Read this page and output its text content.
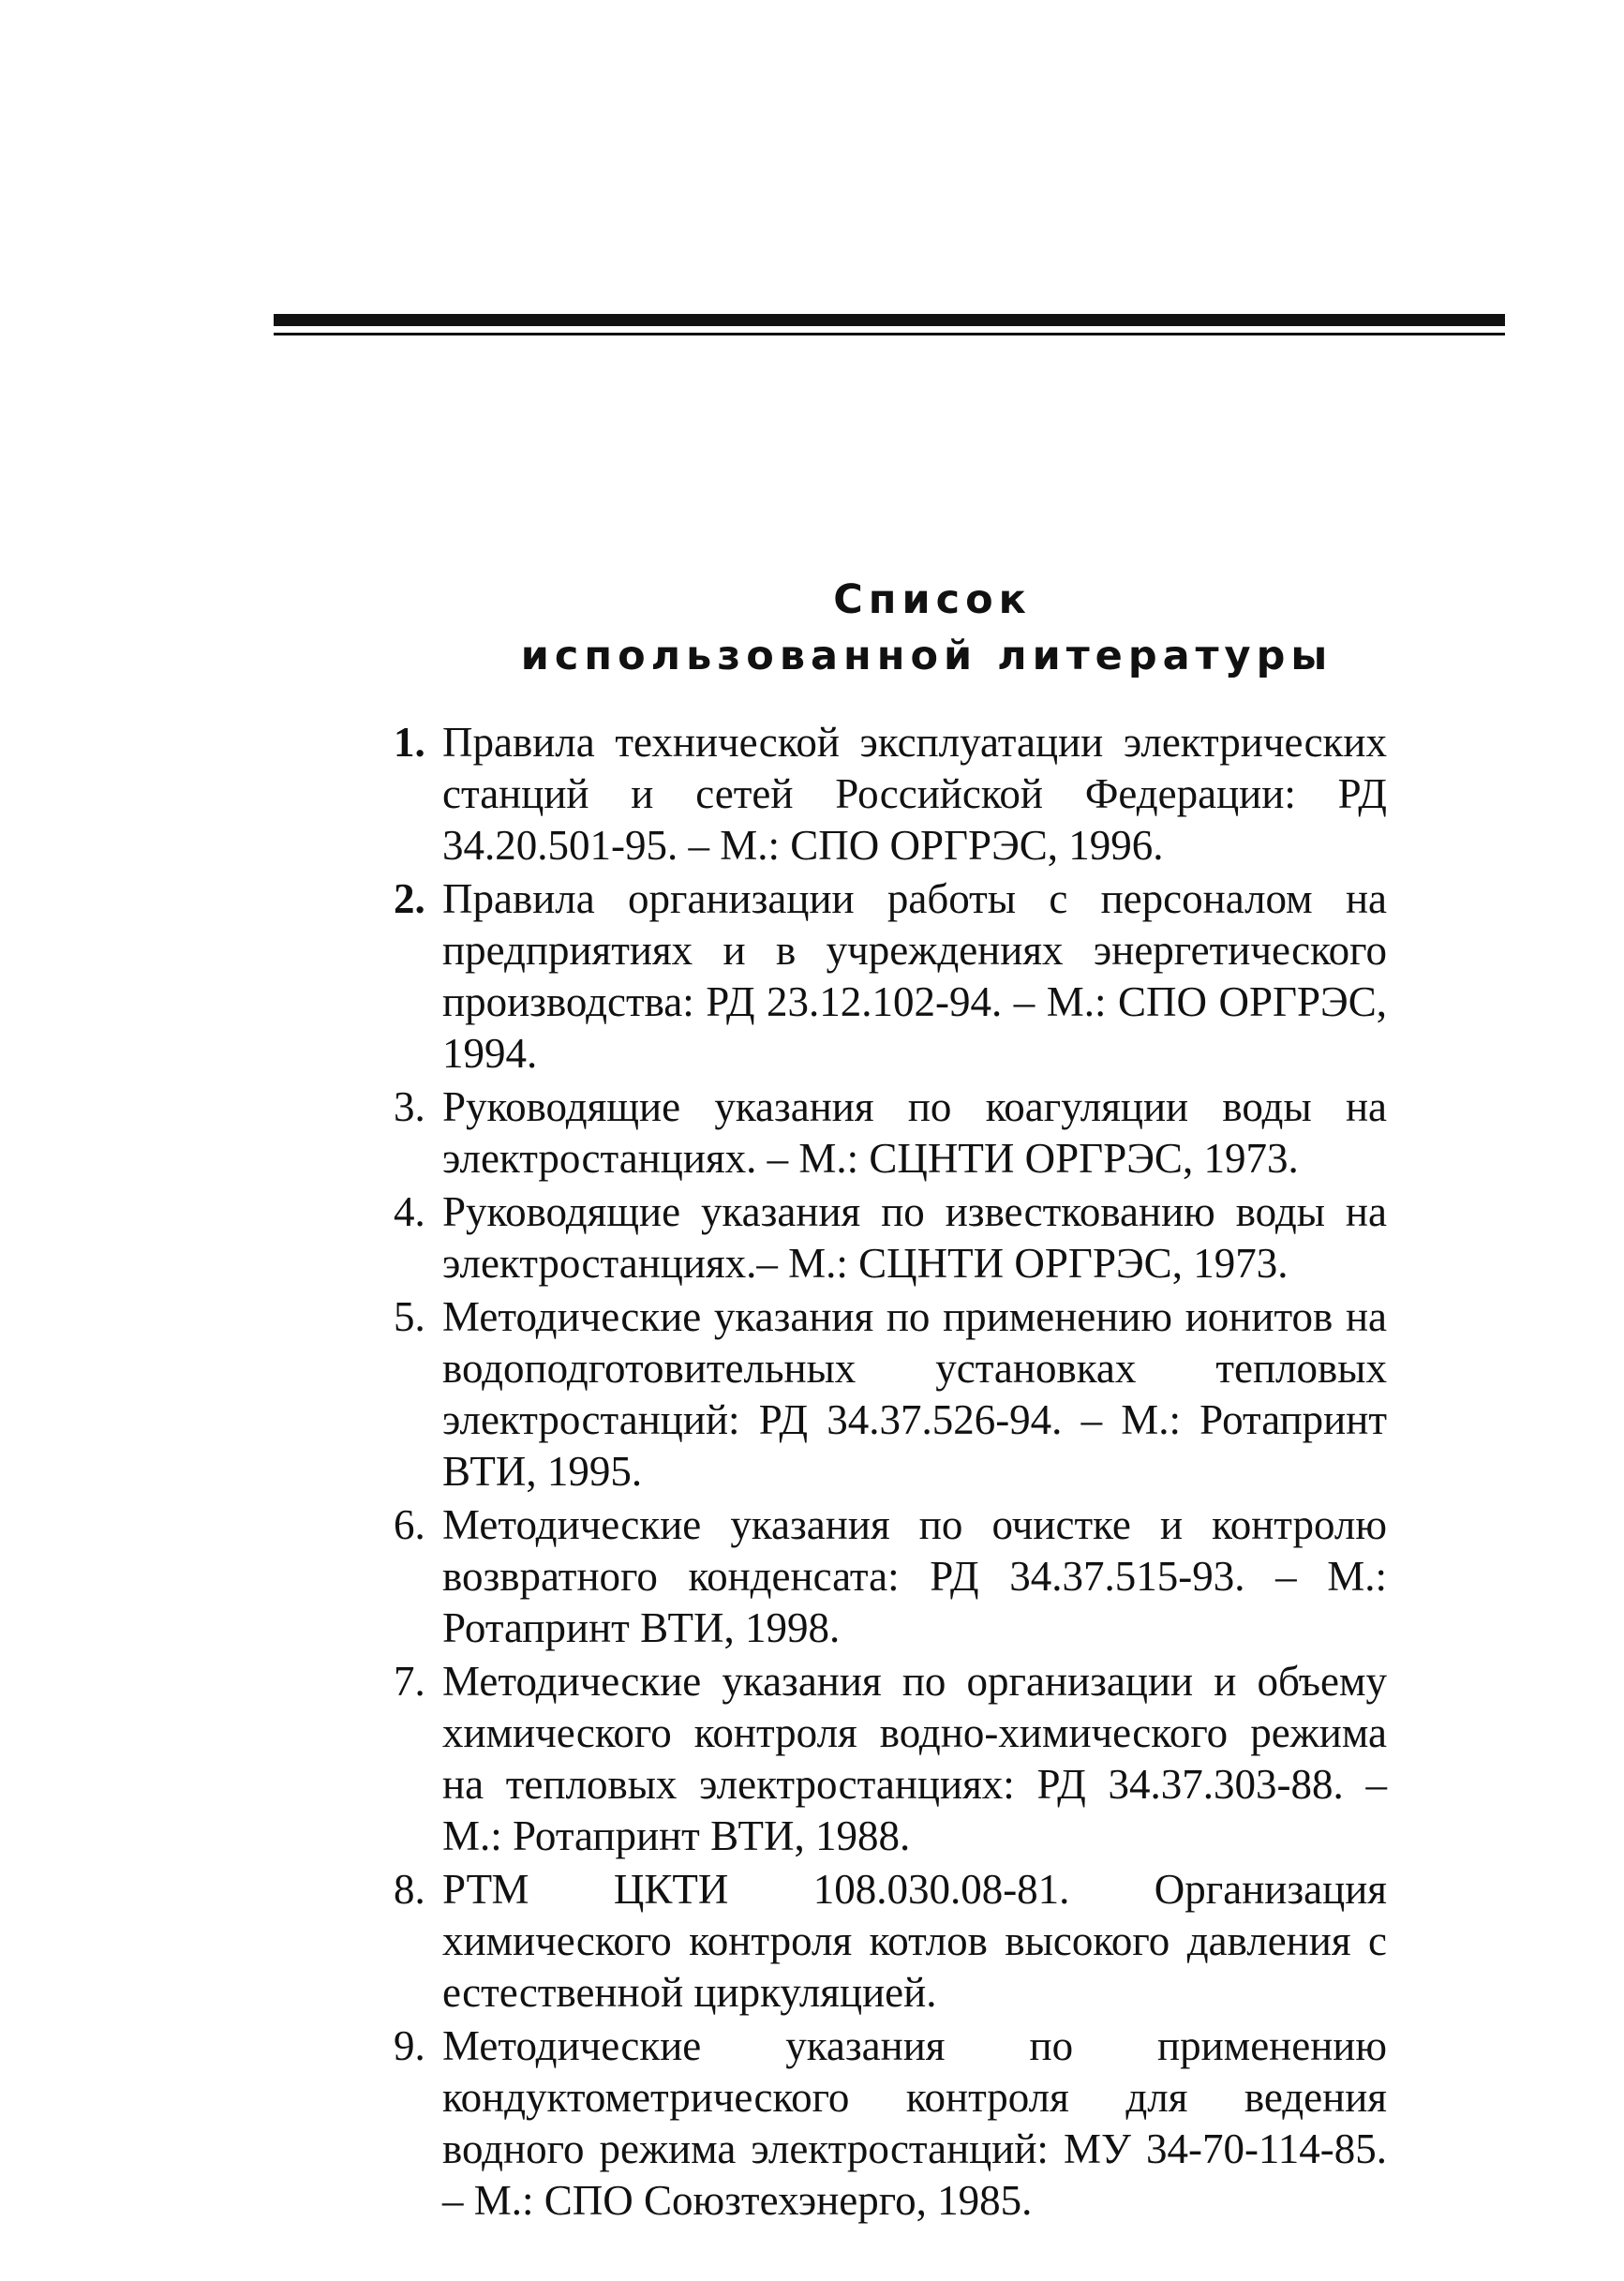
Список
использованной литературы
1. Правила технической эксплуатации электрических станций и сетей Российской Федерации: РД 34.20.501-95. – М.: СПО ОРГРЭС, 1996.
2. Правила организации работы с персоналом на предприятиях и в учреждениях энергетического производства: РД 23.12.102-94. – М.: СПО ОРГРЭС, 1994.
3. Руководящие указания по коагуляции воды на электростанциях. – М.: СЦНТИ ОРГРЭС, 1973.
4. Руководящие указания по известкованию воды на электростанциях.– М.: СЦНТИ ОРГРЭС, 1973.
5. Методические указания по применению ионитов на водоподготовительных установках тепловых электростанций: РД 34.37.526-94. – М.: Ротапринт ВТИ, 1995.
6. Методические указания по очистке и контролю возвратного конденсата: РД 34.37.515-93. – М.: Ротапринт ВТИ, 1998.
7. Методические указания по организации и объему химического контроля водно-химического режима на тепловых электростанциях: РД 34.37.303-88. – М.: Ротапринт ВТИ, 1988.
8. РТМ ЦКТИ 108.030.08-81. Организация химического контроля котлов высокого давления с естественной циркуляцией.
9. Методические указания по применению кондуктометрического контроля для ведения водного режима электростанций: МУ 34-70-114-85. – М.: СПО Союзтехэнерго, 1985.
